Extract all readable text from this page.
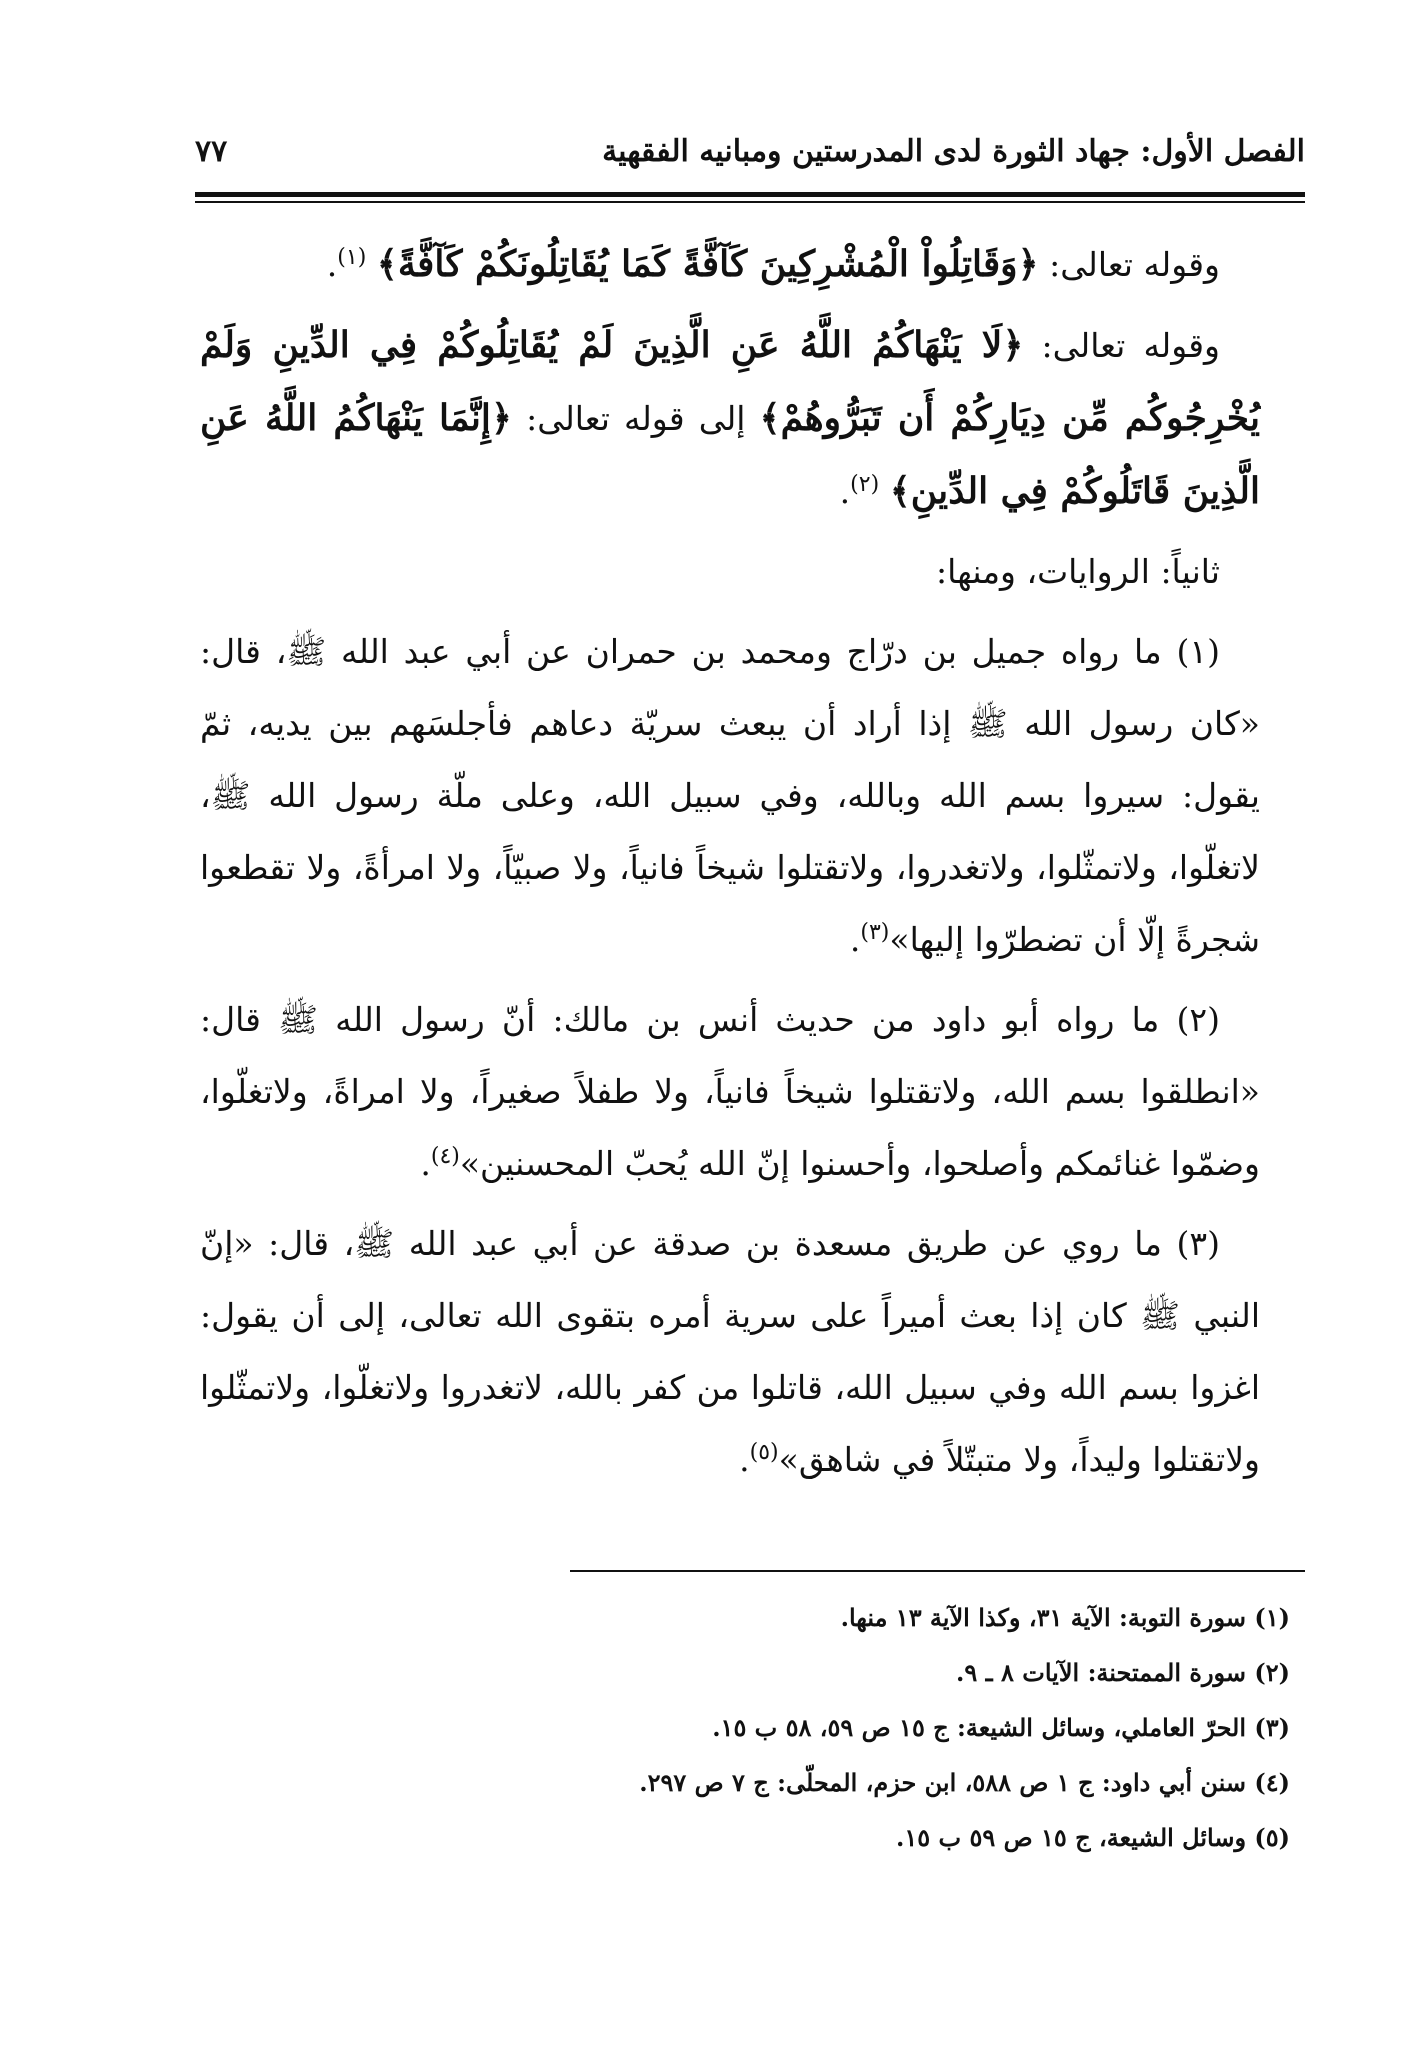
الفصل الأول: جهاد الثورة لدى المدرستين ومبانيه الفقهية
٧٧

وقوله تعالى: ﴿وَقَاتِلُواْ الْمُشْرِكِينَ كَآفَّةً كَمَا يُقَاتِلُونَكُمْ كَآفَّةً﴾ $^{(١)}$.

وقوله تعالى: ﴿لَا يَنْهَاكُمُ اللَّهُ عَنِ الَّذِينَ لَمْ يُقَاتِلُوكُمْ فِي الدِّينِ وَلَمْ يُخْرِجُوكُم مِّن دِيَارِكُمْ أَن تَبَرُّوهُمْ﴾ إلى قوله تعالى: ﴿إِنَّمَا يَنْهَاكُمُ اللَّهُ عَنِ الَّذِينَ قَاتَلُوكُمْ فِي الدِّينِ﴾ $^{(٢)}$.

ثانياً: الروايات، ومنها:

(١) ما رواه جميل بن درّاج ومحمد بن حمران عن أبي عبد الله ﷺ، قال: «كان رسول الله ﷺ إذا أراد أن يبعث سريّة دعاهم فأجلسَهم بين يديه، ثمّ يقول: سيروا بسم الله وبالله، وفي سبيل الله، وعلى ملّة رسول الله ﷺ، لاتغلّوا، ولاتمثّلوا، ولاتغدروا، ولاتقتلوا شيخاً فانياً، ولا صبيّاً، ولا امرأةً، ولا تقطعوا شجرةً إلّا أن تضطرّوا إليها»$^{(٣)}$.

(٢) ما رواه أبو داود من حديث أنس بن مالك: أنّ رسول الله ﷺ قال: «انطلقوا بسم الله، ولاتقتلوا شيخاً فانياً، ولا طفلاً صغيراً، ولا امراةً، ولاتغلّوا، وضمّوا غنائمكم وأصلحوا، وأحسنوا إنّ الله يُحبّ المحسنين»$^{(٤)}$.

(٣) ما روي عن طريق مسعدة بن صدقة عن أبي عبد الله ﷺ، قال: «إنّ النبي ﷺ كان إذا بعث أميراً على سرية أمره بتقوى الله تعالى، إلى أن يقول: اغزوا بسم الله وفي سبيل الله، قاتلوا من كفر بالله، لاتغدروا ولاتغلّوا، ولاتمثّلوا ولاتقتلوا وليداً، ولا متبتّلاً في شاهق»$^{(٥)}$.

(١) سورة التوبة: الآية ٣١، وكذا الآية ١٣ منها.

(٢) سورة الممتحنة: الآيات ٨ ـ ٩.

(٣) الحرّ العاملي، وسائل الشيعة: ج ١٥ ص ٥٩، ٥٨ ب ١٥.

(٤) سنن أبي داود: ج ١ ص ٥٨٨، ابن حزم، المحلّى: ج ٧ ص ٢٩٧.

(٥) وسائل الشيعة، ج ١٥ ص ٥٩ ب ١٥.
